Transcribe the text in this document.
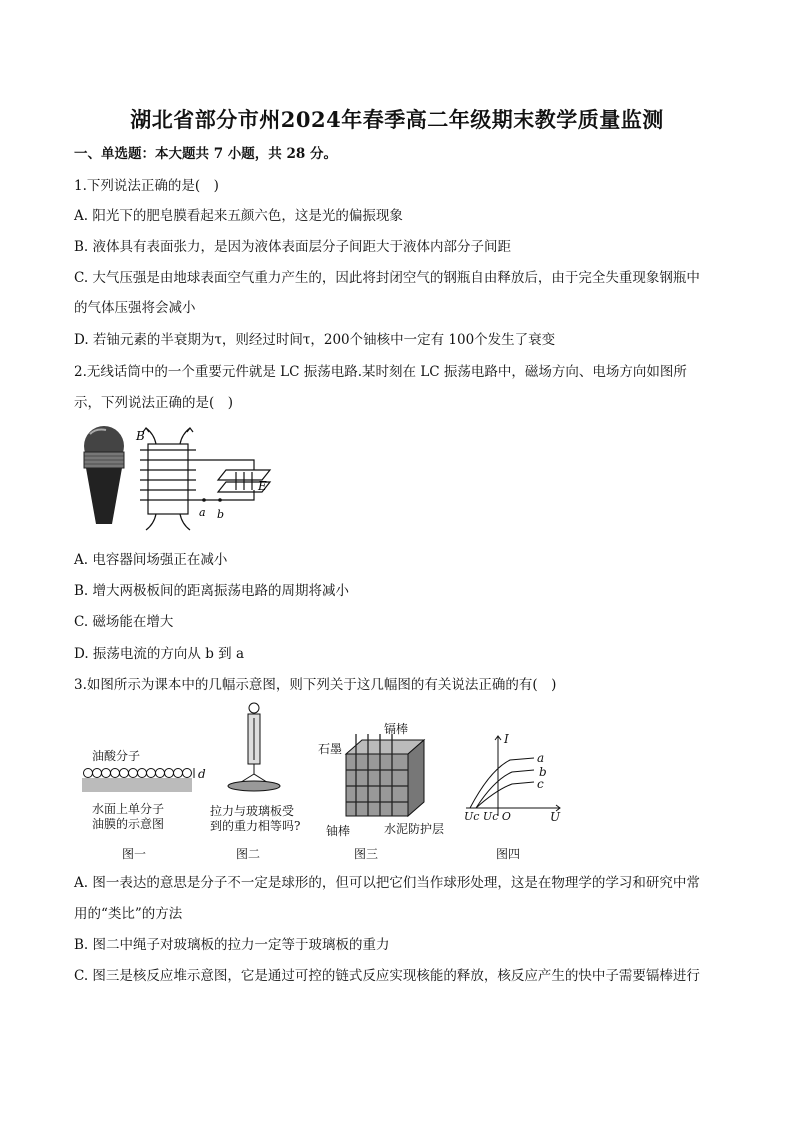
湖北省部分市州2024年春季高二年级期末教学质量监测
一、单选题：本大题共 7 小题，共 28 分。
1.下列说法正确的是(　)
A. 阳光下的肥皂膜看起来五颜六色，这是光的偏振现象
B. 液体具有表面张力，是因为液体表面层分子间距大于液体内部分子间距
C. 大气压强是由地球表面空气重力产生的，因此将封闭空气的钢瓶自由释放后，由于完全失重现象钢瓶中
的气体压强将会减小
D. 若铀元素的半衰期为τ，则经过时间τ，200个铀核中一定有 100个发生了衰变
2.无线话筒中的一个重要元件就是 LC 振荡电路.某时刻在 LC 振荡电路中，磁场方向、电场方向如图所
示，下列说法正确的是(　)
B
E
a b
A. 电容器间场强正在减小
B. 增大两极板间的距离振荡电路的周期将减小
C. 磁场能在增大
D. 振荡电流的方向从 b 到 a
3.如图所示为课本中的几幅示意图，则下列关于这几幅图的有关说法正确的有(　)
油酸分子
d
水面上单分子
油膜的示意图
图一
拉力与玻璃板受
到的重力相等吗?
图二
石墨
镉棒
铀棒	水泥防护层
图三
I
a
b
c
Uc Uc O	U
图四
A. 图一表达的意思是分子不一定是球形的，但可以把它们当作球形处理，这是在物理学的学习和研究中常
用的“类比”的方法
B. 图二中绳子对玻璃板的拉力一定等于玻璃板的重力
C. 图三是核反应堆示意图，它是通过可控的链式反应实现核能的释放，核反应产生的快中子需要镉棒进行
